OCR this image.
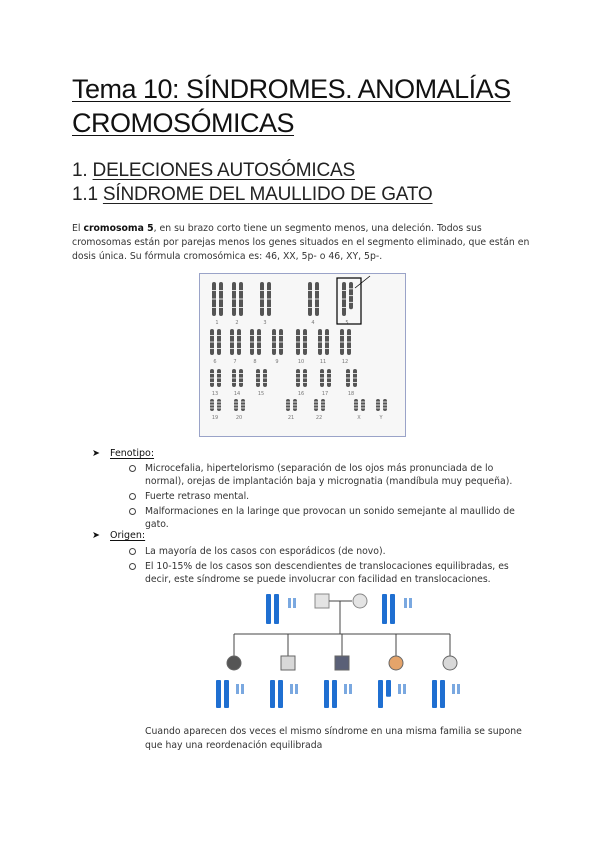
Tema 10: SÍNDROMES. ANOMALÍAS
CROMOSÓMICAS
1. DELECIONES AUTOSÓMICAS
1.1 SÍNDROME DEL MAULLIDO DE GATO
El cromosoma 5, en su brazo corto tiene un segmento menos, una deleción. Todos sus cromosomas están por parejas menos los genes situados en el segmento eliminado, que están en dosis única. Su fórmula cromosómica es: 46, XX, 5p- o 46, XY, 5p-.
1	2	3	4	5
6	7	8	9	10	11	12
13	14	15	16	17	18
19	20	21	22	X	Y
➤ Fenotipo:
Microcefalia, hipertelorismo (separación de los ojos más pronunciada de lo normal), orejas de implantación baja y micrognatia (mandíbula muy pequeña).
Fuerte retraso mental.
Malformaciones en la laringe que provocan un sonido semejante al maullido de gato.
➤ Origen:
La mayoría de los casos con esporádicos (de novo).
El 10-15% de los casos son descendientes de translocaciones equilibradas, es decir, este síndrome se puede involucrar con facilidad en translocaciones.
Cuando aparecen dos veces el mismo síndrome en una misma familia se supone que hay una reordenación equilibrada
